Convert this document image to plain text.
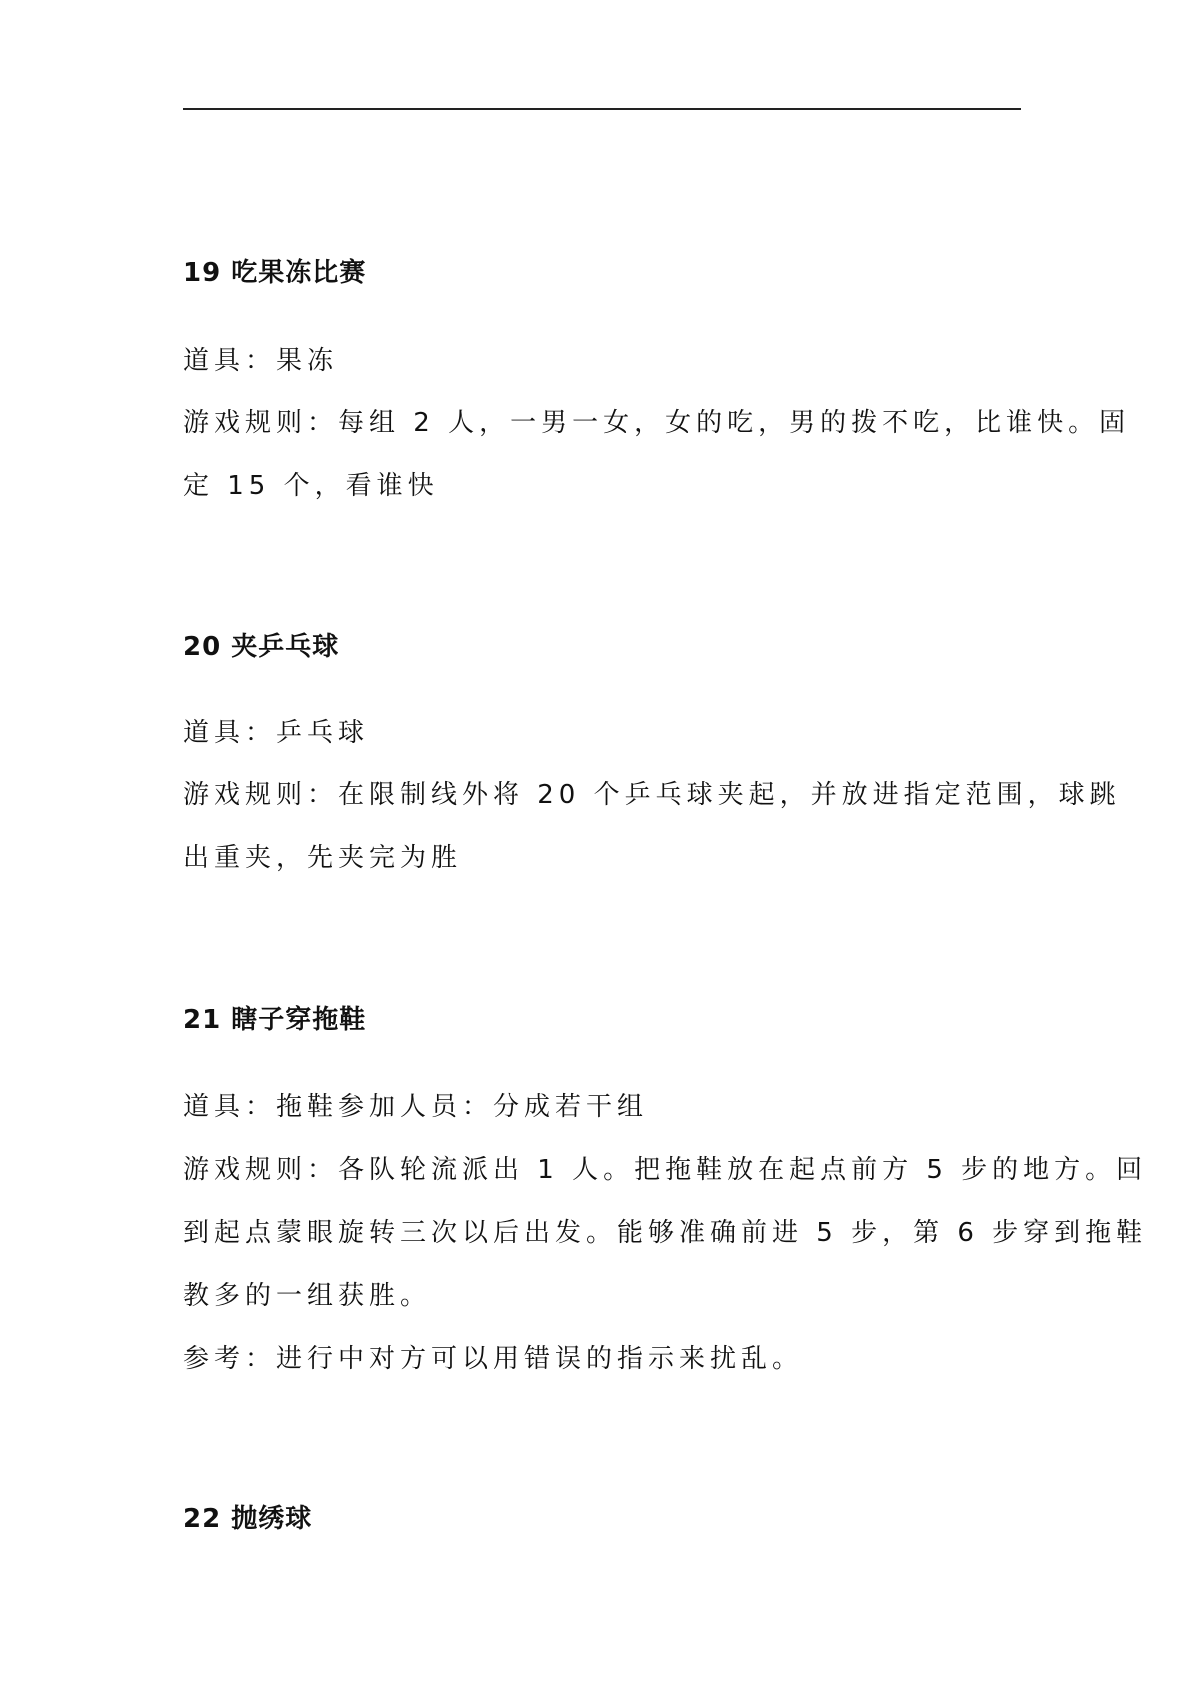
19 吃果冻比赛
道具：果冻
游戏规则：每组 2 人，一男一女，女的吃，男的拨不吃，比谁快。固
定 15 个，看谁快
20 夹乒乓球
道具：乒乓球
游戏规则：在限制线外将 20 个乒乓球夹起，并放进指定范围，球跳
出重夹，先夹完为胜
21 瞎子穿拖鞋
道具：拖鞋参加人员：分成若干组
游戏规则：各队轮流派出 1 人。把拖鞋放在起点前方 5 步的地方。回
到起点蒙眼旋转三次以后出发。能够准确前进 5 步，第 6 步穿到拖鞋
教多的一组获胜。
参考：进行中对方可以用错误的指示来扰乱。
22 抛绣球
